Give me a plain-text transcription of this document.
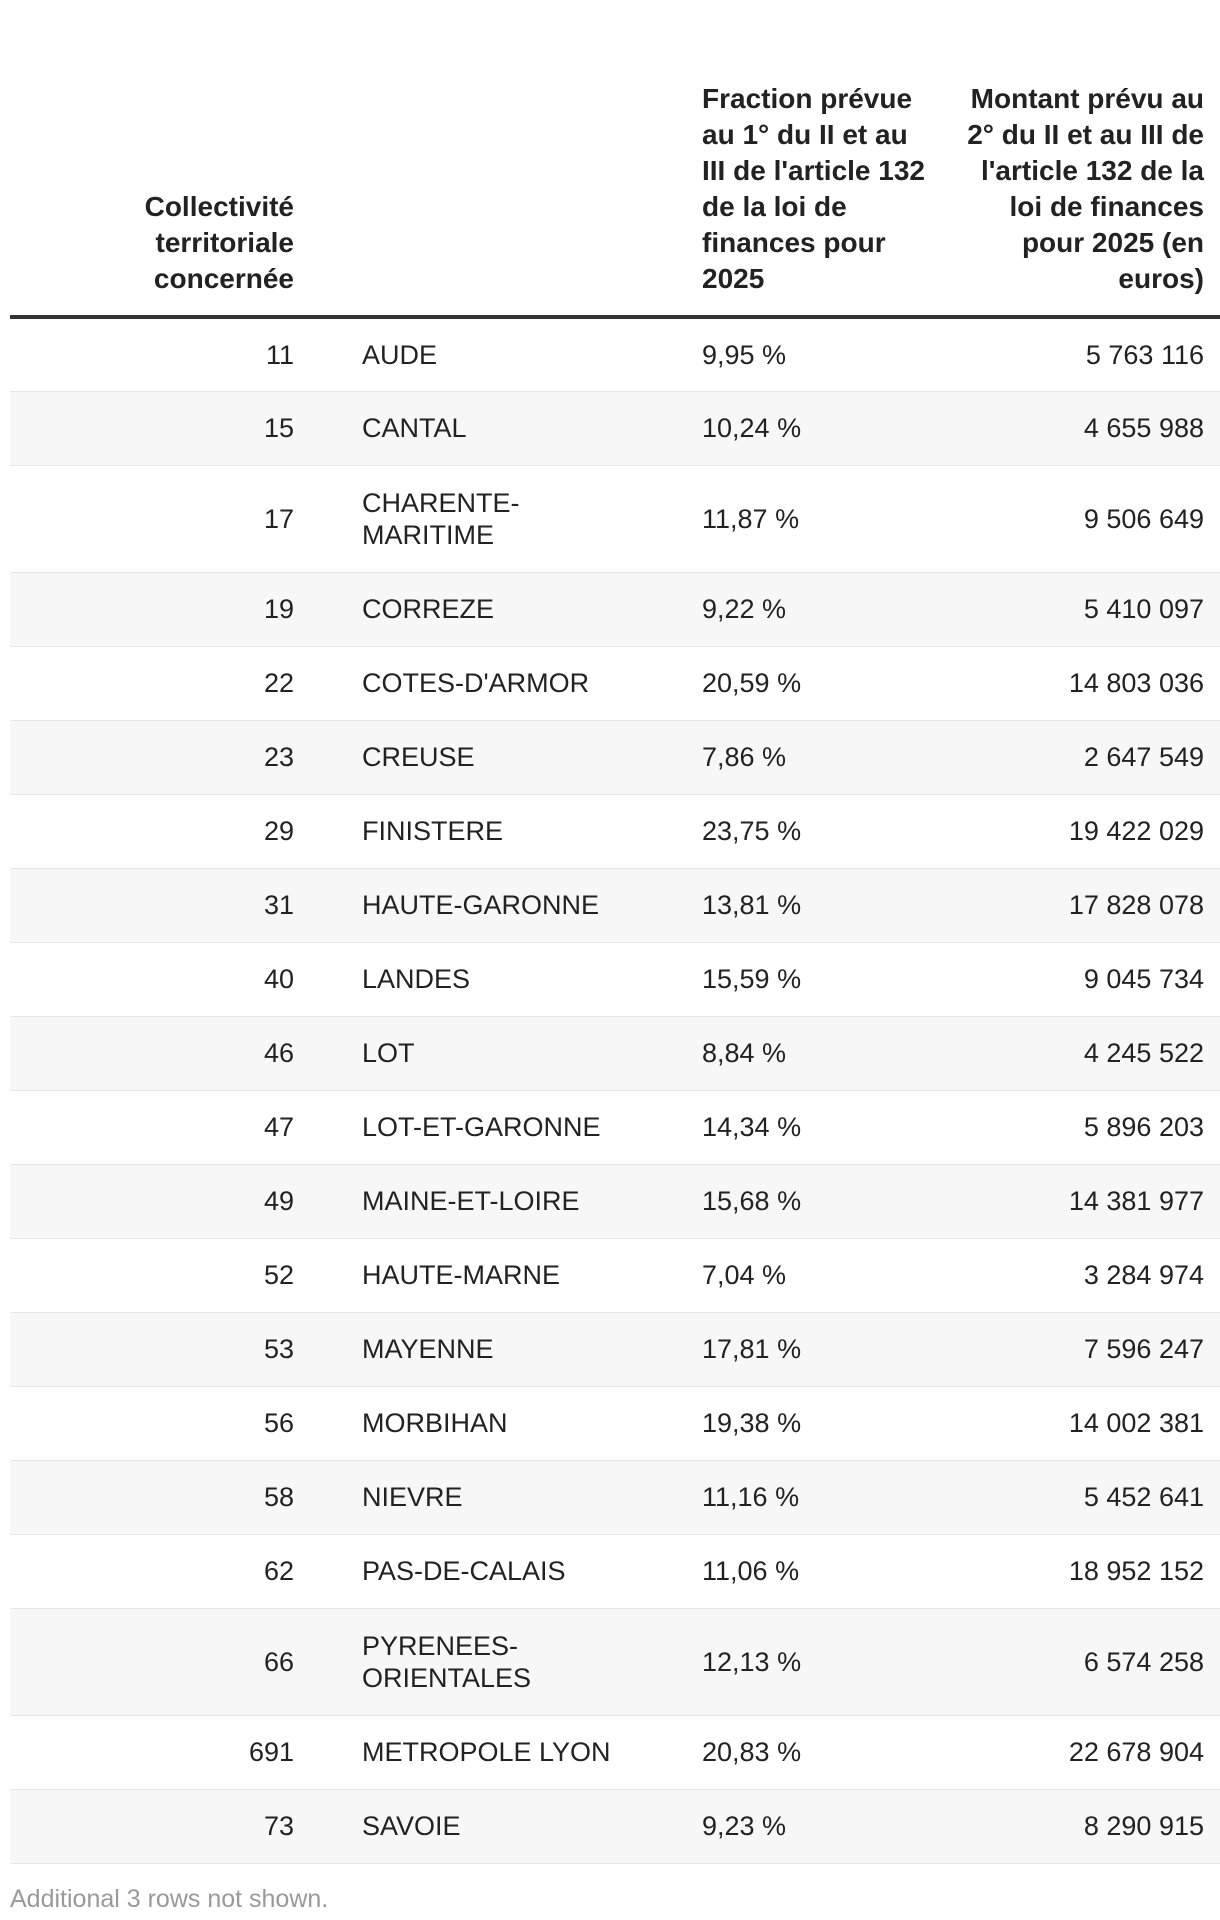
Collectivité territoriale concernée		Fraction prévue au 1° du II et au III de l'article 132 de la loi de finances pour 2025	Montant prévu au 2° du II et au III de l'article 132 de la loi de finances pour 2025 (en euros)
11	AUDE	9,95 %	5 763 116
15	CANTAL	10,24 %	4 655 988
17	CHARENTE-MARITIME	11,87 %	9 506 649
19	CORREZE	9,22 %	5 410 097
22	COTES-D'ARMOR	20,59 %	14 803 036
23	CREUSE	7,86 %	2 647 549
29	FINISTERE	23,75 %	19 422 029
31	HAUTE-GARONNE	13,81 %	17 828 078
40	LANDES	15,59 %	9 045 734
46	LOT	8,84 %	4 245 522
47	LOT-ET-GARONNE	14,34 %	5 896 203
49	MAINE-ET-LOIRE	15,68 %	14 381 977
52	HAUTE-MARNE	7,04 %	3 284 974
53	MAYENNE	17,81 %	7 596 247
56	MORBIHAN	19,38 %	14 002 381
58	NIEVRE	11,16 %	5 452 641
62	PAS-DE-CALAIS	11,06 %	18 952 152
66	PYRENEES-ORIENTALES	12,13 %	6 574 258
691	METROPOLE LYON	20,83 %	22 678 904
73	SAVOIE	9,23 %	8 290 915
Additional 3 rows not shown.
